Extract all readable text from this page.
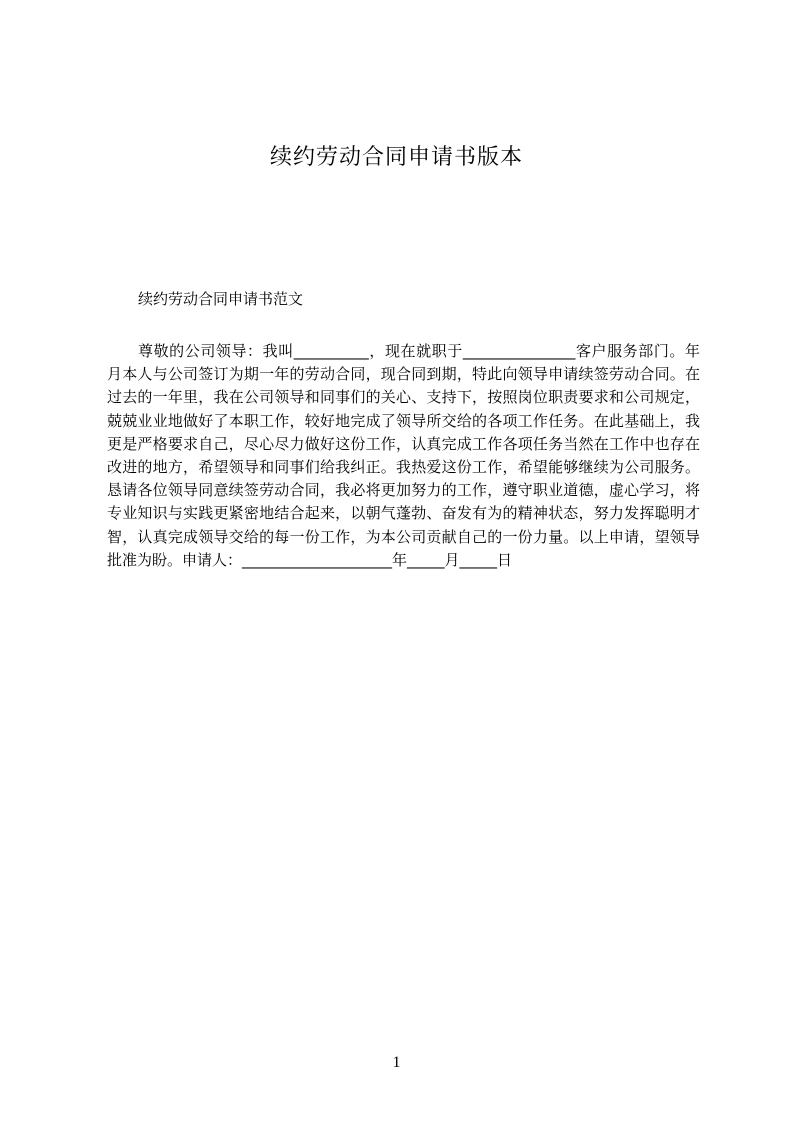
续约劳动合同申请书版本

续约劳动合同申请书范文

尊敬的公司领导：我叫__________，现在就职于_______________客户服务部门。年月本人与公司签订为期一年的劳动合同，现合同到期，特此向领导申请续签劳动合同。在过去的一年里，我在公司领导和同事们的关心、支持下，按照岗位职责要求和公司规定，兢兢业业地做好了本职工作，较好地完成了领导所交给的各项工作任务。在此基础上，我更是严格要求自己，尽心尽力做好这份工作，认真完成工作各项任务当然在工作中也存在改进的地方，希望领导和同事们给我纠正。我热爱这份工作，希望能够继续为公司服务。恳请各位领导同意续签劳动合同，我必将更加努力的工作，遵守职业道德，虚心学习，将专业知识与实践更紧密地结合起来，以朝气蓬勃、奋发有为的精神状态，努力发挥聪明才智，认真完成领导交给的每一份工作，为本公司贡献自己的一份力量。以上申请，望领导批准为盼。申请人：____________________年_____月_____日

1
